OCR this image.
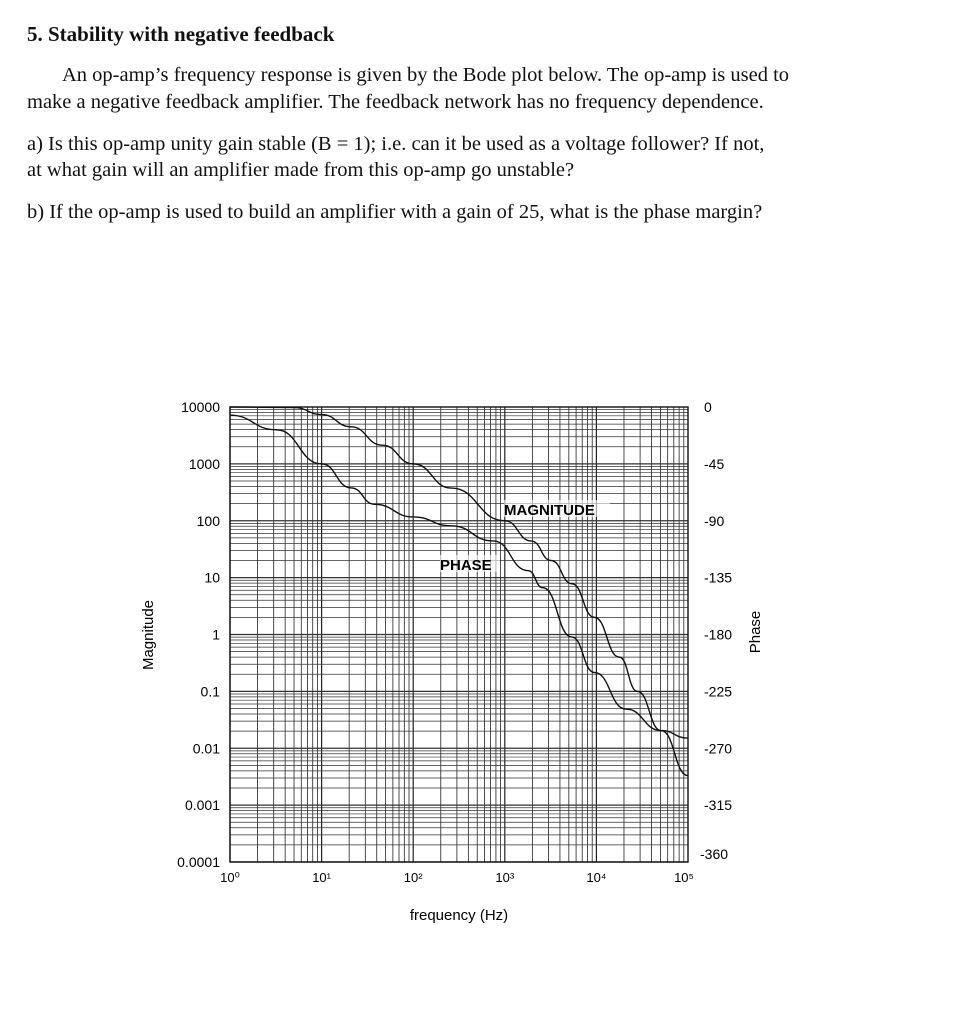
5. Stability with negative feedback
An op-amp’s frequency response is given by the Bode plot below. The op-amp is used to
make a negative feedback amplifier. The feedback network has no frequency dependence.
a) Is this op-amp unity gain stable (B = 1); i.e. can it be used as a voltage follower? If not,
at what gain will an amplifier made from this op-amp go unstable?
b) If the op-amp is used to build an amplifier with a gain of 25, what is the phase margin?
10000
1000
100
10
1
0.1
0.01
0.001
0.0001
0
-45
-90
-135
-180
-225
-270
-315
-360
10⁰	10¹	10²	10³	10⁴	10⁵
frequency (Hz)
Magnitude	Phase
MAGNITUDE
PHASE
